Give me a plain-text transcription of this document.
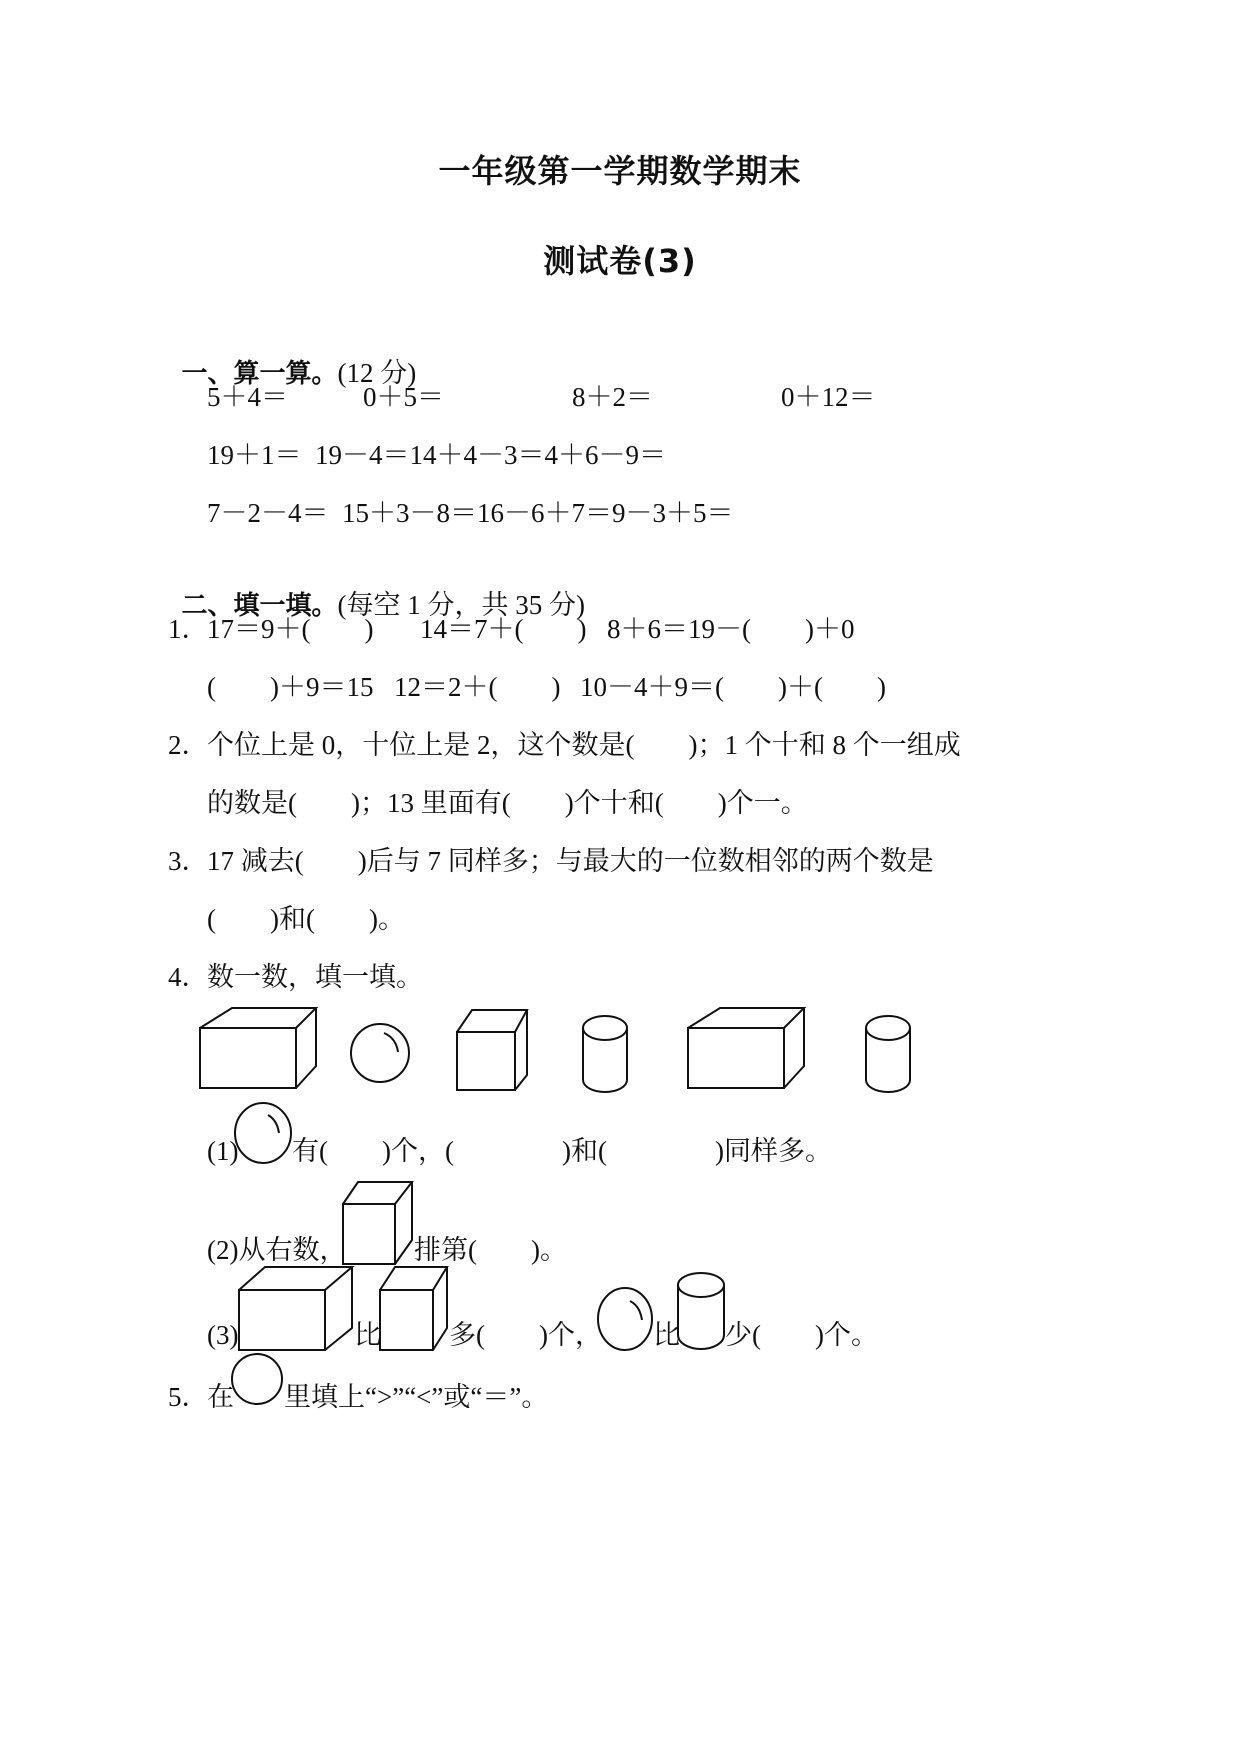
一年级第一学期数学期末
测试卷(3)

一、算一算。(12 分)

5＋4＝	0＋5＝	8＋2＝	0＋12＝
19＋1＝  19－4＝14＋4－3＝4＋6－9＝
7－2－4＝  15＋3－8＝16－6＋7＝9－3＋5＝

二、填一填。(每空 1 分，共 35 分)

1．
17＝9＋(　　) 14＝7＋(　　) 8＋6＝19－(　　)＋0
(　　)＋9＝15 12＝2＋(　　) 10－4＋9＝(　　)＋(　　)
2．
个位上是 0，十位上是 2，这个数是(　　)；1 个十和 8 个一组成
的数是(　　)；13 里面有(　　)个十和(　　)个一。
3．
17 减去(　　)后与 7 同样多；与最大的一位数相邻的两个数是
(　　)和(　　)。
4．
数一数，填一填。
(1) 有(　　)个，(　　　　)和(　　　　)同样多。
(2)从右数，	排第(　　)。
(3)	比	多(　　)个， 比 少(　　)个。
5．
在 里填上“>”“<”或“＝”。
